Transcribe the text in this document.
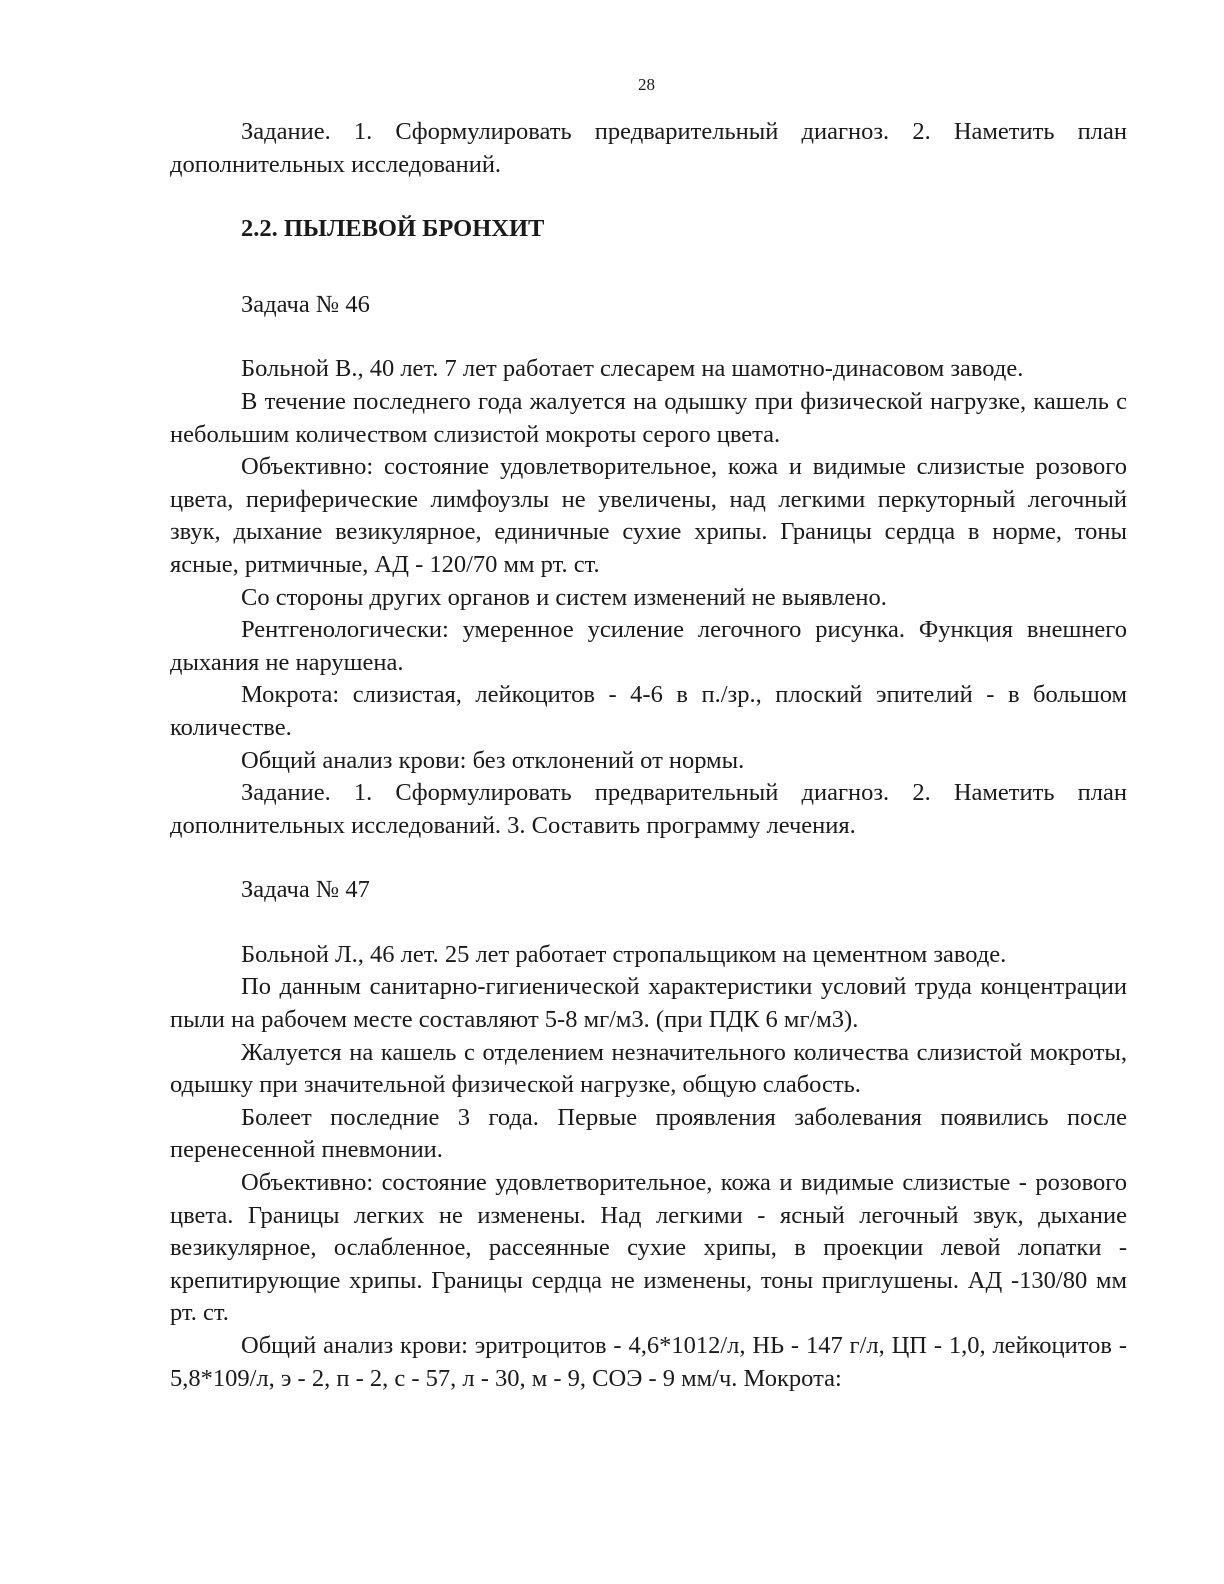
28

Задание. 1. Сформулировать предварительный диагноз. 2. Наметить план дополнительных исследований.

2.2. ПЫЛЕВОЙ БРОНХИТ

Задача № 46

Больной В., 40 лет. 7 лет работает слесарем на шамотно-динасовом заводе.

В течение последнего года жалуется на одышку при физической нагрузке, кашель с небольшим количеством слизистой мокроты серого цвета.

Объективно: состояние удовлетворительное, кожа и видимые слизистые розового цвета, периферические лимфоузлы не увеличены, над легкими перкуторный легочный звук, дыхание везикулярное, единичные сухие хрипы. Границы сердца в норме, тоны ясные, ритмичные, АД - 120/70 мм рт. ст.

Со стороны других органов и систем изменений не выявлено.

Рентгенологически: умеренное усиление легочного рисунка. Функция внешнего дыхания не нарушена.

Мокрота: слизистая, лейкоцитов - 4-6 в п./зр., плоский эпителий - в большом количестве.

Общий анализ крови: без отклонений от нормы.

Задание. 1. Сформулировать предварительный диагноз. 2. Наметить план дополнительных исследований. 3. Составить программу лечения.

Задача № 47

Больной Л., 46 лет. 25 лет работает стропальщиком на цементном заводе.

По данным санитарно-гигиенической характеристики условий труда концентрации пыли на рабочем месте составляют 5-8 мг/м3. (при ПДК 6 мг/м3).

Жалуется на кашель с отделением незначительного количества слизистой мокроты, одышку при значительной физической нагрузке, общую слабость.

Болеет последние 3 года. Первые проявления заболевания появились после перенесенной пневмонии.

Объективно: состояние удовлетворительное, кожа и видимые слизистые - розового цвета. Границы легких не изменены. Над легкими - ясный легочный звук, дыхание везикулярное, ослабленное, рассеянные сухие хрипы, в проекции левой лопатки - крепитирующие хрипы. Границы сердца не изменены, тоны приглушены. АД -130/80 мм рт. ст.

Общий анализ крови: эритроцитов - 4,6*1012/л, НЬ - 147 г/л, ЦП - 1,0, лейкоцитов - 5,8*109/л, э - 2, п - 2, с - 57, л - 30, м - 9, СОЭ - 9 мм/ч. Мокрота:
